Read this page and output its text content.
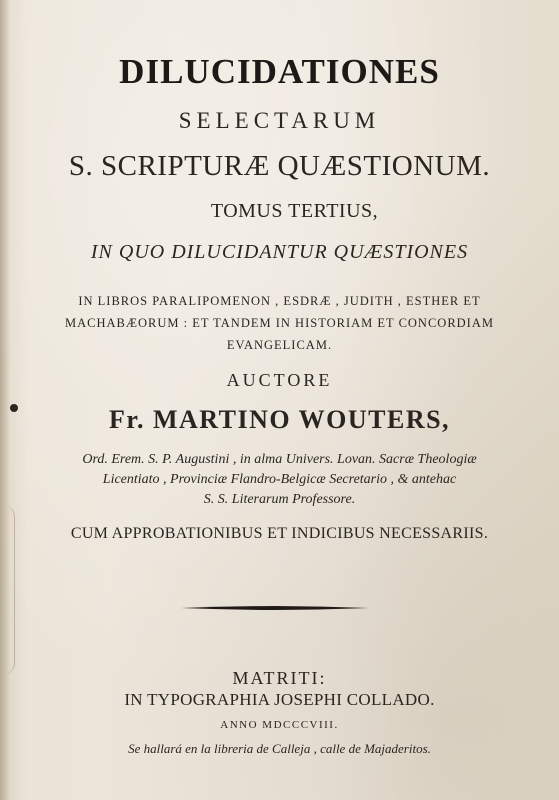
DILUCIDATIONES
SELECTARUM
S. SCRIPTURÆ QUÆSTIONUM.
TOMUS TERTIUS,
IN QUO DILUCIDANTUR QUÆSTIONES
IN LIBROS PARALIPOMENON , ESDRÆ , JUDITH , ESTHER ET
MACHABÆORUM : ET TANDEM IN HISTORIAM ET CONCORDIAM
EVANGELICAM.
AUCTORE
Fr. MARTINO WOUTERS,
Ord. Erem. S. P. Augustini , in alma Univers. Lovan. Sacræ Theologiæ
Licentiato , Provinciæ Flandro-Belgicæ Secretario , & antehac
S. S. Literarum Professore.
CUM APPROBATIONIBUS ET INDICIBUS NECESSARIIS.
MATRITI:
IN TYPOGRAPHIA JOSEPHI COLLADO.
ANNO MDCCCVIII.
Se hallará en la libreria de Calleja , calle de Majaderitos.
